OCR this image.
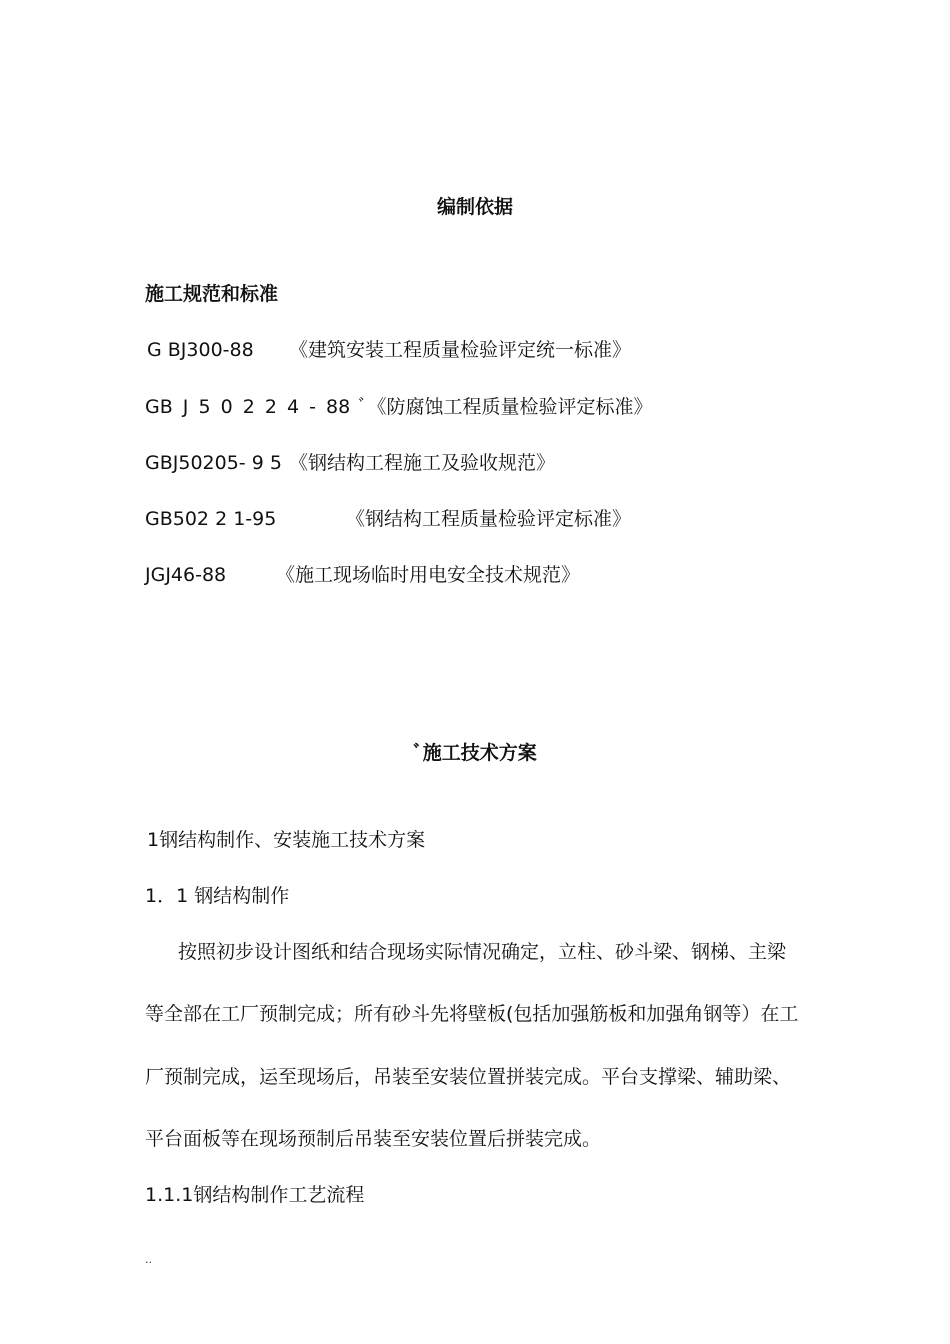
编制依据
施工规范和标准
G BJ300-88 《建筑安装工程质量检验评定统一标准》
GB J 5 0 2 2 4 - 88 ﾞ《防腐蚀工程质量检验评定标准》
GBJ50205- 9 5 《钢结构工程施工及验收规范》
GB502 2 1-95	《钢结构工程质量检验评定标准》
JGJ46-88	《施工现场临时用电安全技术规范》
ﾞ施工技术方案
1钢结构制作、安装施工技术方案
1．1 钢结构制作
按照初步设计图纸和结合现场实际情况确定，立柱、砂斗梁、钢梯、主梁
等全部在工厂预制完成；所有砂斗先将壁板(包括加强筋板和加强角钢等）在工
厂预制完成，运至现场后，吊装至安装位置拼装完成。平台支撑梁、辅助梁、
平台面板等在现场预制后吊装至安装位置后拼装完成。
1.1.1钢结构制作工艺流程
..
